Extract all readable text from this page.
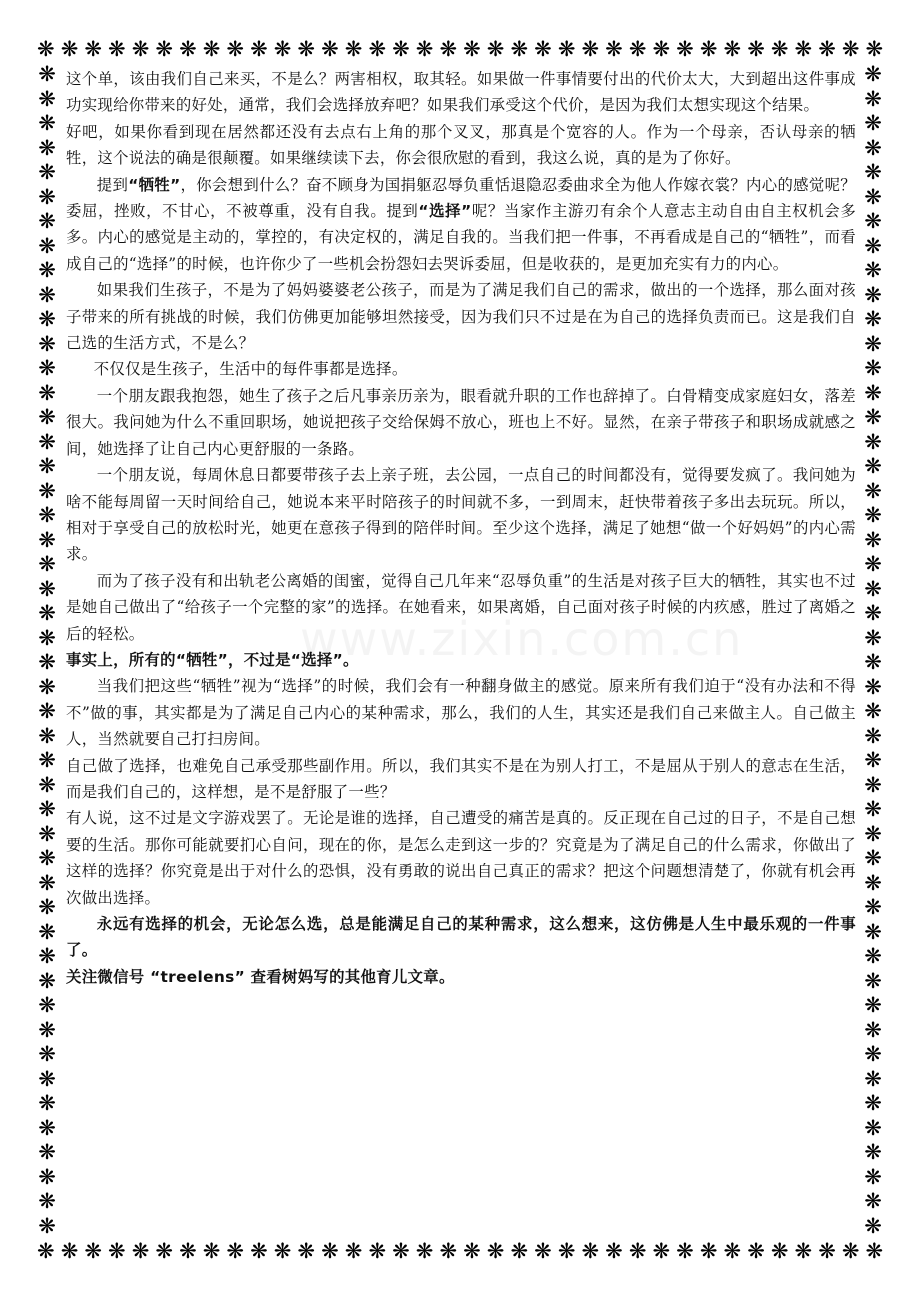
www.zixin.com.cn
❋ ❋ ❋ ❋ ❋ ❋ ❋ ❋ ❋ ❋ ❋ ❋ ❋ ❋ ❋ ❋ ❋ ❋ ❋ ❋ ❋ ❋ ❋ ❋ ❋ ❋ ❋ ❋ ❋ ❋ ❋ ❋ ❋ ❋ ❋ ❋
❋
❋
❋
❋
❋
❋
❋
❋
❋
❋
❋
❋
❋
❋
❋
❋
❋
❋
❋
❋
❋
❋
❋
❋
❋
❋
❋
❋
❋
❋
❋
❋
❋
❋
❋
❋
❋
❋
❋
❋
❋
❋
❋
❋
❋
❋
❋
❋
❋
❋
❋
❋
❋
❋
❋
❋
❋
❋
❋
❋
❋
❋
❋
❋
❋
❋
❋
❋
❋
❋
❋
❋
❋
❋
❋
❋
❋
❋
❋
❋
❋
❋
❋
❋
❋
❋
❋
❋
❋
❋
❋
❋
❋
❋
❋
❋
❋ ❋ ❋ ❋ ❋ ❋ ❋ ❋ ❋ ❋ ❋ ❋ ❋ ❋ ❋ ❋ ❋ ❋ ❋ ❋ ❋ ❋ ❋ ❋ ❋ ❋ ❋ ❋ ❋ ❋ ❋ ❋ ❋ ❋ ❋ ❋

这个单，该由我们自己来买，不是么？两害相权，取其轻。如果做一件事情要付出的代价太大，大到超出这件事成功实现给你带来的好处，通常，我们会选择放弃吧？如果我们承受这个代价，是因为我们太想实现这个结果。

好吧，如果你看到现在居然都还没有去点右上角的那个叉叉，那真是个宽容的人。作为一个母亲，否认母亲的牺牲，这个说法的确是很颠覆。如果继续读下去，你会很欣慰的看到，我这么说，真的是为了你好。

提到“牺牲”，你会想到什么？奋不顾身为国捐躯忍辱负重恬退隐忍委曲求全为他人作嫁衣裳？内心的感觉呢？委屈，挫败，不甘心，不被尊重，没有自我。提到“选择”呢？当家作主游刃有余个人意志主动自由自主权机会多多。内心的感觉是主动的，掌控的，有决定权的，满足自我的。当我们把一件事，不再看成是自己的“牺牲”，而看成自己的“选择”的时候，也许你少了一些机会扮怨妇去哭诉委屈，但是收获的，是更加充实有力的内心。

如果我们生孩子，不是为了妈妈婆婆老公孩子，而是为了满足我们自己的需求，做出的一个选择，那么面对孩子带来的所有挑战的时候，我们仿佛更加能够坦然接受，因为我们只不过是在为自己的选择负责而已。这是我们自己选的生活方式，不是么？

不仅仅是生孩子，生活中的每件事都是选择。

一个朋友跟我抱怨，她生了孩子之后凡事亲历亲为，眼看就升职的工作也辞掉了。白骨精变成家庭妇女，落差很大。我问她为什么不重回职场，她说把孩子交给保姆不放心，班也上不好。显然，在亲子带孩子和职场成就感之间，她选择了让自己内心更舒服的一条路。

一个朋友说，每周休息日都要带孩子去上亲子班，去公园，一点自己的时间都没有，觉得要发疯了。我问她为啥不能每周留一天时间给自己，她说本来平时陪孩子的时间就不多，一到周末，赶快带着孩子多出去玩玩。所以，相对于享受自己的放松时光，她更在意孩子得到的陪伴时间。至少这个选择，满足了她想“做一个好妈妈”的内心需求。

而为了孩子没有和出轨老公离婚的闺蜜，觉得自己几年来“忍辱负重”的生活是对孩子巨大的牺牲，其实也不过是她自己做出了“给孩子一个完整的家”的选择。在她看来，如果离婚，自己面对孩子时候的内疚感，胜过了离婚之后的轻松。

事实上，所有的“牺牲”，不过是“选择”。

当我们把这些“牺牲”视为“选择”的时候，我们会有一种翻身做主的感觉。原来所有我们迫于“没有办法和不得不”做的事，其实都是为了满足自己内心的某种需求，那么，我们的人生，其实还是我们自己来做主人。自己做主人，当然就要自己打扫房间。

自己做了选择，也难免自己承受那些副作用。所以，我们其实不是在为别人打工，不是屈从于别人的意志在生活，而是我们自己的，这样想，是不是舒服了一些？

有人说，这不过是文字游戏罢了。无论是谁的选择，自己遭受的痛苦是真的。反正现在自己过的日子，不是自己想要的生活。那你可能就要扪心自问，现在的你，是怎么走到这一步的？究竟是为了满足自己的什么需求，你做出了这样的选择？你究竟是出于对什么的恐惧，没有勇敢的说出自己真正的需求？把这个问题想清楚了，你就有机会再次做出选择。

永远有选择的机会，无论怎么选，总是能满足自己的某种需求，这么想来，这仿佛是人生中最乐观的一件事了。

关注微信号 “treelens” 查看树妈写的其他育儿文章。
